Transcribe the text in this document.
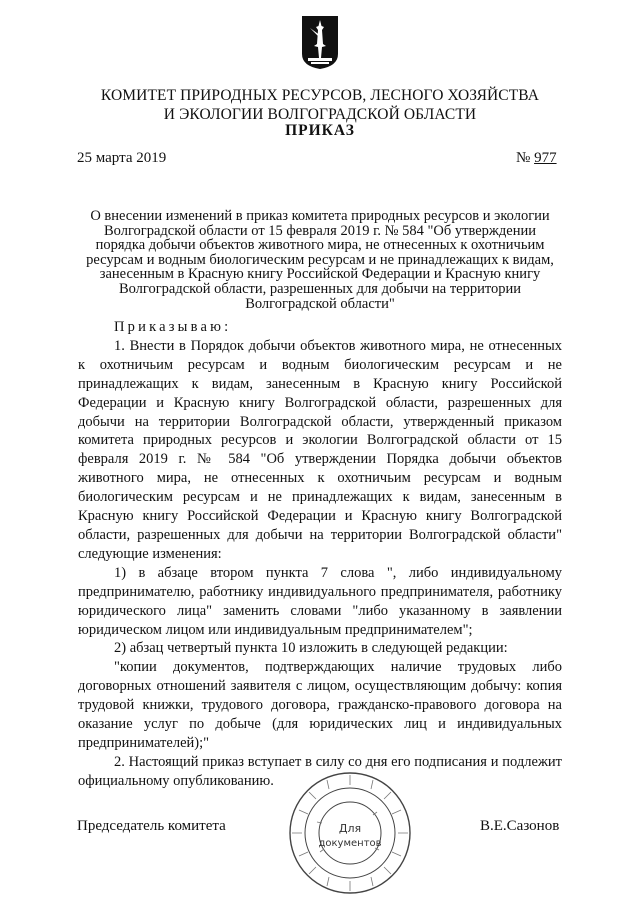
КОМИТЕТ ПРИРОДНЫХ РЕСУРСОВ, ЛЕСНОГО ХОЗЯЙСТВА
И ЭКОЛОГИИ ВОЛГОГРАДСКОЙ ОБЛАСТИ
ПРИКАЗ
25 марта 2019	№ 977
О внесении изменений в приказ комитета природных ресурсов и экологии
Волгоградской области от 15 февраля 2019 г. № 584 "Об утверждении
порядка добычи объектов животного мира, не отнесенных к охотничьим
ресурсам и водным биологическим ресурсам и не принадлежащих к видам,
занесенным в Красную книгу Российской Федерации и Красную книгу
Волгоградской области, разрешенных для добычи на территории
Волгоградской области"

Приказываю:

1. Внести в Порядок добычи объектов животного мира, не отнесенных к охотничьим ресурсам и водным биологическим ресурсам и не принадлежащих к видам, занесенным в Красную книгу Российской Федерации и Красную книгу Волгоградской области, разрешенных для добычи на территории Волгоградской области, утвержденный приказом комитета природных ресурсов и экологии Волгоградской области от 15 февраля 2019 г. № 584 "Об утверждении Порядка добычи объектов животного мира, не отнесенных к охотничьим ресурсам и водным биологическим ресурсам и не принадлежащих к видам, занесенным в Красную книгу Российской Федерации и Красную книгу Волгоградской области, разрешенных для добычи на территории Волгоградской области" следующие изменения:

1) в абзаце втором пункта 7 слова ", либо индивидуальному предпринимателю, работнику индивидуального предпринимателя, работнику юридического лица" заменить словами "либо указанному в заявлении юридическом лицом или индивидуальным предпринимателем";

2) абзац четвертый пункта 10 изложить в следующей редакции:

"копии документов, подтверждающих наличие трудовых либо договорных отношений заявителя с лицом, осуществляющим добычу: копия трудовой книжки, трудового договора, гражданско-правового договора на оказание услуг по добыче (для юридических лиц и индивидуальных предпринимателей);"

2. Настоящий приказ вступает в силу со дня его подписания и подлежит официальному опубликованию.

Председатель комитета	Для
документов
В.Е.Сазонов
